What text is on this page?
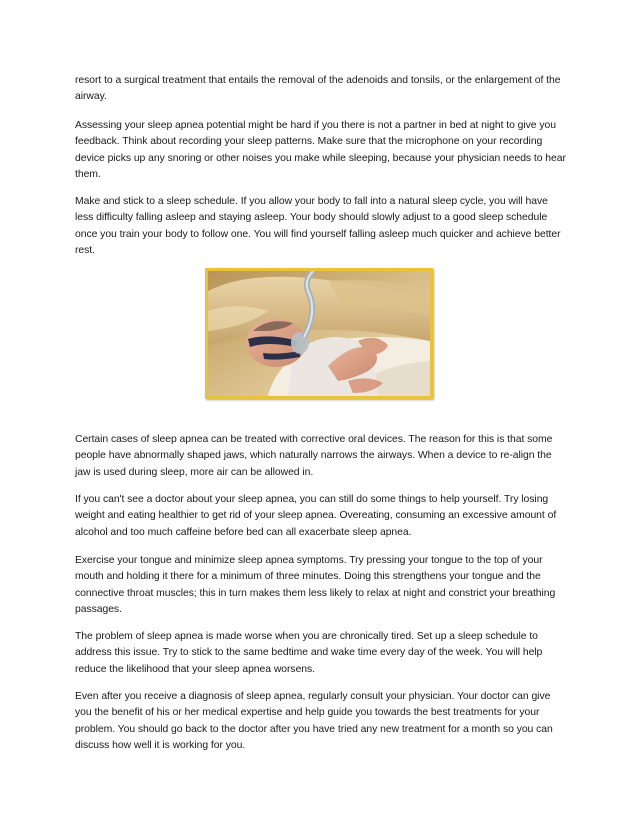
resort to a surgical treatment that entails the removal of the adenoids and tonsils, or the enlargement of the airway.

Assessing your sleep apnea potential might be hard if you there is not a partner in bed at night to give you feedback. Think about recording your sleep patterns. Make sure that the microphone on your recording device picks up any snoring or other noises you make while sleeping, because your physician needs to hear them.

Make and stick to a sleep schedule. If you allow your body to fall into a natural sleep cycle, you will have less difficulty falling asleep and staying asleep. Your body should slowly adjust to a good sleep schedule once you train your body to follow one. You will find yourself falling asleep much quicker and achieve better rest.

Certain cases of sleep apnea can be treated with corrective oral devices. The reason for this is that some people have abnormally shaped jaws, which naturally narrows the airways. When a device to re-align the jaw is used during sleep, more air can be allowed in.

If you can't see a doctor about your sleep apnea, you can still do some things to help yourself. Try losing weight and eating healthier to get rid of your sleep apnea. Overeating, consuming an excessive amount of alcohol and too much caffeine before bed can all exacerbate sleep apnea.

Exercise your tongue and minimize sleep apnea symptoms. Try pressing your tongue to the top of your mouth and holding it there for a minimum of three minutes. Doing this strengthens your tongue and the connective throat muscles; this in turn makes them less likely to relax at night and constrict your breathing passages.

The problem of sleep apnea is made worse when you are chronically tired. Set up a sleep schedule to address this issue. Try to stick to the same bedtime and wake time every day of the week. You will help reduce the likelihood that your sleep apnea worsens.

Even after you receive a diagnosis of sleep apnea, regularly consult your physician. Your doctor can give you the benefit of his or her medical expertise and help guide you towards the best treatments for your problem. You should go back to the doctor after you have tried any new treatment for a month so you can discuss how well it is working for you.
